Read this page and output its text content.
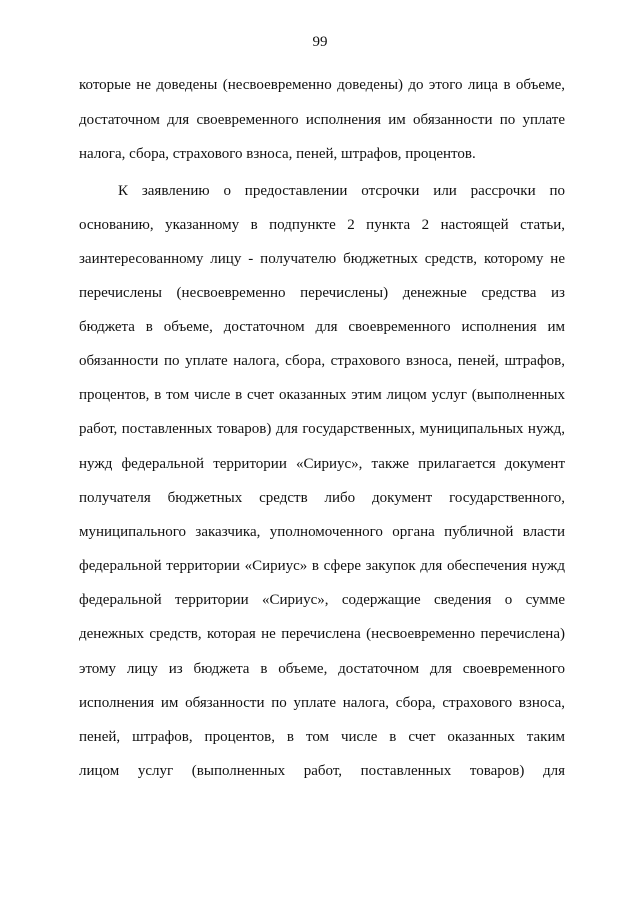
99
которые не доведены (несвоевременно доведены) до этого лица в объеме,
достаточном для своевременного исполнения им обязанности по уплате
налога, сбора, страхового взноса, пеней, штрафов, процентов.
К заявлению о предоставлении отсрочки или рассрочки по
основанию, указанному в подпункте 2 пункта 2 настоящей статьи,
заинтересованному лицу - получателю бюджетных средств, которому не
перечислены (несвоевременно перечислены) денежные средства из
бюджета в объеме, достаточном для своевременного исполнения им
обязанности по уплате налога, сбора, страхового взноса, пеней, штрафов,
процентов, в том числе в счет оказанных этим лицом услуг (выполненных
работ, поставленных товаров) для государственных, муниципальных нужд,
нужд федеральной территории «Сириус», также прилагается документ
получателя бюджетных средств либо документ государственного,
муниципального заказчика, уполномоченного органа публичной власти
федеральной территории «Сириус» в сфере закупок для обеспечения нужд
федеральной территории «Сириус», содержащие сведения о сумме
денежных средств, которая не перечислена (несвоевременно перечислена)
этому лицу из бюджета в объеме, достаточном для своевременного
исполнения им обязанности по уплате налога, сбора, страхового взноса,
пеней, штрафов, процентов, в том числе в счет оказанных таким
лицом услуг (выполненных работ, поставленных товаров) для
